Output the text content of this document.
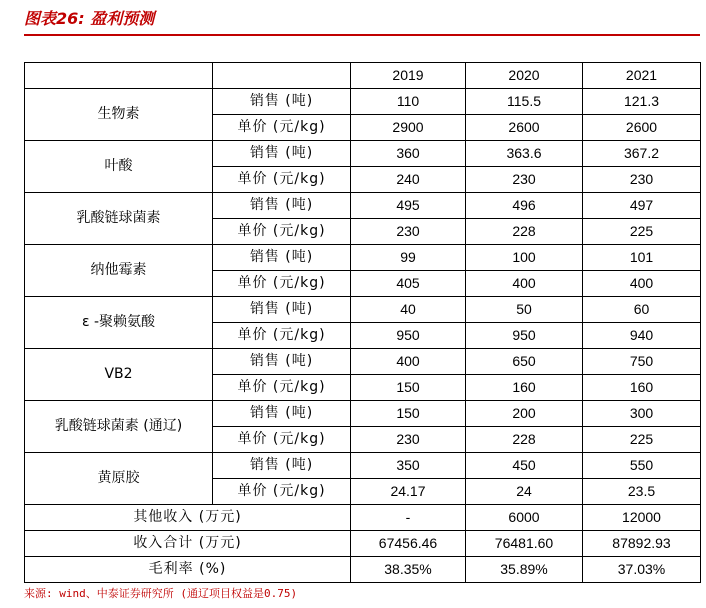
图表26: 盈利预测
		2019	2020	2021
生物素	销售 (吨)	110	115.5	121.3
	单价 (元/kg)	2900	2600	2600
叶酸	销售 (吨)	360	363.6	367.2
	单价 (元/kg)	240	230	230
乳酸链球菌素	销售 (吨)	495	496	497
	单价 (元/kg)	230	228	225
纳他霉素	销售 (吨)	99	100	101
	单价 (元/kg)	405	400	400
ε -聚赖氨酸	销售 (吨)	40	50	60
	单价 (元/kg)	950	950	940
VB2	销售 (吨)	400	650	750
	单价 (元/kg)	150	160	160
乳酸链球菌素 (通辽)	销售 (吨)	150	200	300
	单价 (元/kg)	230	228	225
黄原胶	销售 (吨)	350	450	550
	单价 (元/kg)	24.17	24	23.5
其他收入 (万元)		-	6000	12000
收入合计 (万元)		67456.46	76481.60	87892.93
毛利率 (%)		38.35%	35.89%	37.03%
来源: wind、中泰证券研究所 (通辽项目权益是0.75)
